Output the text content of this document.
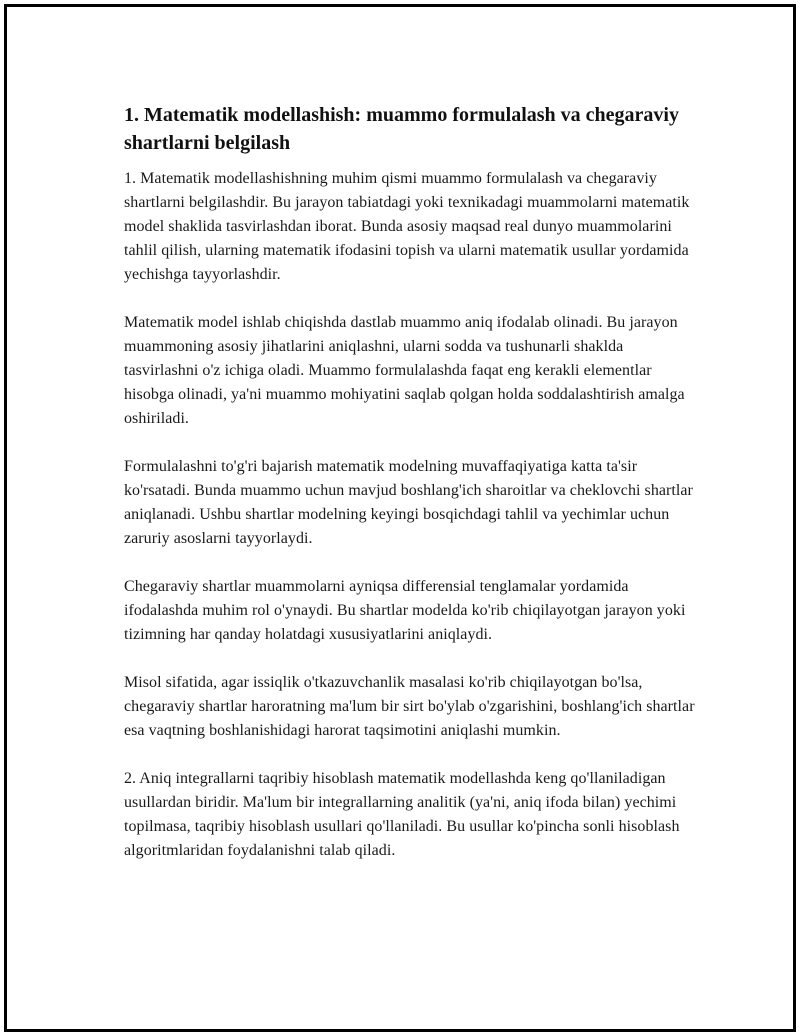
1. Matematik modellashish: muammo formulalash va chegaraviy shartlarni belgilash

1. Matematik modellashishning muhim qismi muammo formulalash va chegaraviy shartlarni belgilashdir. Bu jarayon tabiatdagi yoki texnikadagi muammolarni matematik model shaklida tasvirlashdan iborat. Bunda asosiy maqsad real dunyo muammolarini tahlil qilish, ularning matematik ifodasini topish va ularni matematik usullar yordamida yechishga tayyorlashdir.

Matematik model ishlab chiqishda dastlab muammo aniq ifodalab olinadi. Bu jarayon muammoning asosiy jihatlarini aniqlashni, ularni sodda va tushunarli shaklda tasvirlashni o'z ichiga oladi. Muammo formulalashda faqat eng kerakli elementlar hisobga olinadi, ya'ni muammo mohiyatini saqlab qolgan holda soddalashtirish amalga oshiriladi.

Formulalashni to'g'ri bajarish matematik modelning muvaffaqiyatiga katta ta'sir ko'rsatadi. Bunda muammo uchun mavjud boshlang'ich sharoitlar va cheklovchi shartlar aniqlanadi. Ushbu shartlar modelning keyingi bosqichdagi tahlil va yechimlar uchun zaruriy asoslarni tayyorlaydi.

Chegaraviy shartlar muammolarni ayniqsa differensial tenglamalar yordamida ifodalashda muhim rol o'ynaydi. Bu shartlar modelda ko'rib chiqilayotgan jarayon yoki tizimning har qanday holatdagi xususiyatlarini aniqlaydi.

Misol sifatida, agar issiqlik o'tkazuvchanlik masalasi ko'rib chiqilayotgan bo'lsa, chegaraviy shartlar haroratning ma'lum bir sirt bo'ylab o'zgarishini, boshlang'ich shartlar esa vaqtning boshlanishidagi harorat taqsimotini aniqlashi mumkin.

2. Aniq integrallarni taqribiy hisoblash matematik modellashda keng qo'llaniladigan usullardan biridir. Ma'lum bir integrallarning analitik (ya'ni, aniq ifoda bilan) yechimi topilmasa, taqribiy hisoblash usullari qo'llaniladi. Bu usullar ko'pincha sonli hisoblash algoritmlaridan foydalanishni talab qiladi.
